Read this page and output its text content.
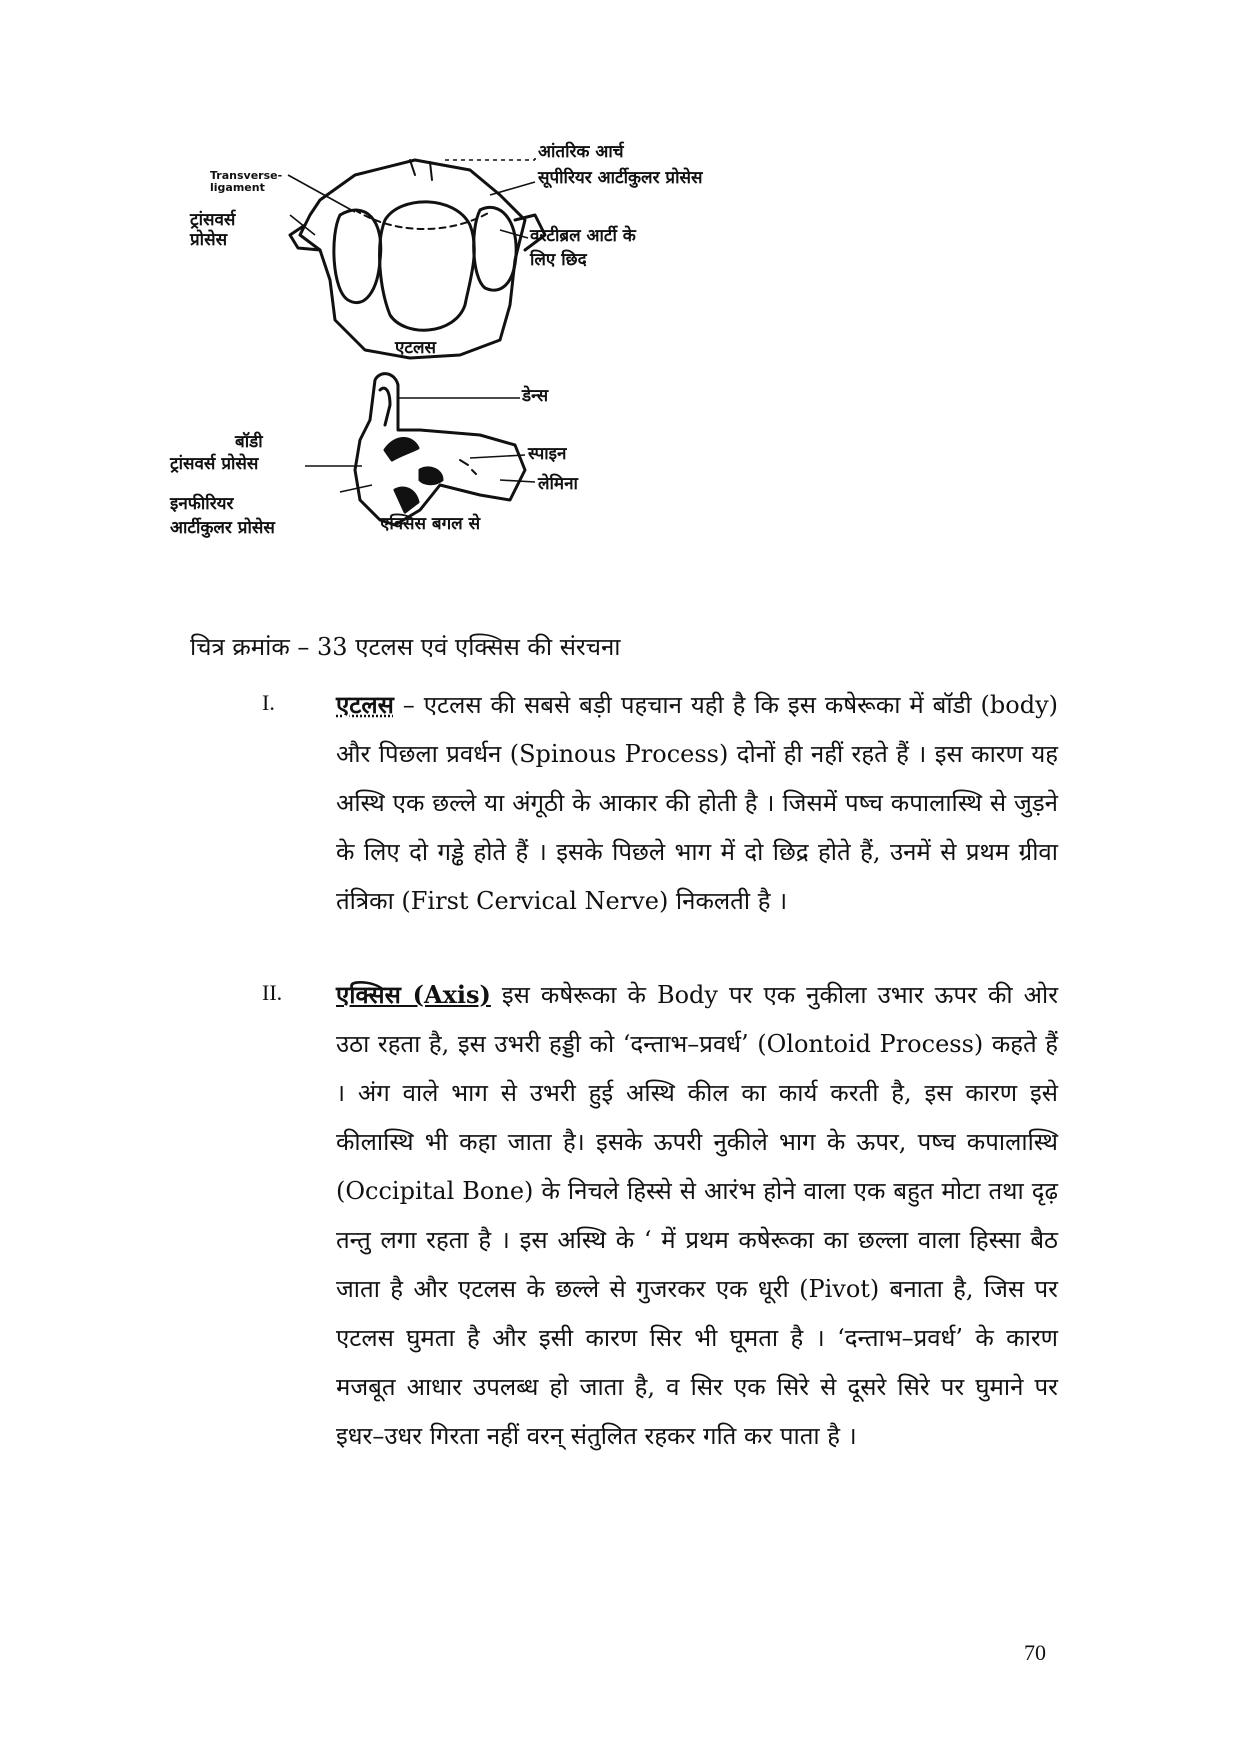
आंतरिक आर्च
सूपीरियर आर्टीकुलर प्रोसेस
Transverse- ligament
ट्रांसवर्स प्रोसेस	वरटीब्रल आर्टी के
लिए छिद
एटलस
डेन्स
बॉडी
ट्रांसवर्स प्रोसेस	स्पाइन
लेमिना
इनफीरियर
आर्टीकुलर प्रोसेस	एक्सिस बगल से
चित्र क्रमांक – 33 एटलस एवं एक्सिस की संरचना
I.	एटलस – एटलस की सबसे बड़ी पहचान यही है कि इस कषेरूका में बॉडी (body) और पिछला प्रवर्धन (Spinous Process) दोनों ही नहीं रहते हैं । इस कारण यह अस्थि एक छल्ले या अंगूठी के आकार की होती है । जिसमें पष्च कपालास्थि से जुड़ने के लिए दो गड्ढे होते हैं । इसके पिछले भाग में दो छिद्र होते हैं, उनमें से प्रथम ग्रीवा तंत्रिका (First Cervical Nerve) निकलती है ।

II. एक्सिस (Axis) इस कषेरूका के Body पर एक नुकीला उभार ऊपर की ओर उठा रहता है, इस उभरी हड्डी को ‘दन्ताभ–प्रवर्ध’ (Olontoid Process) कहते हैं । अंग वाले भाग से उभरी हुई अस्थि कील का कार्य करती है, इस कारण इसे कीलास्थि भी कहा जाता है। इसके ऊपरी नुकीले भाग के ऊपर, पष्च कपालास्थि (Occipital Bone) के निचले हिस्से से आरंभ होने वाला एक बहुत मोटा तथा दृढ़ तन्तु लगा रहता है । इस अस्थि के ‘ में प्रथम कषेरूका का छल्ला वाला हिस्सा बैठ जाता है और एटलस के छल्ले से गुजरकर एक धूरी (Pivot) बनाता है, जिस पर एटलस घुमता है और इसी कारण सिर भी घूमता है । ‘दन्ताभ–प्रवर्ध’ के कारण मजबूत आधार उपलब्ध हो जाता है, व सिर एक सिरे से दूसरे सिरे पर घुमाने पर इधर–उधर गिरता नहीं वरन् संतुलित रहकर गति कर पाता है ।

70
